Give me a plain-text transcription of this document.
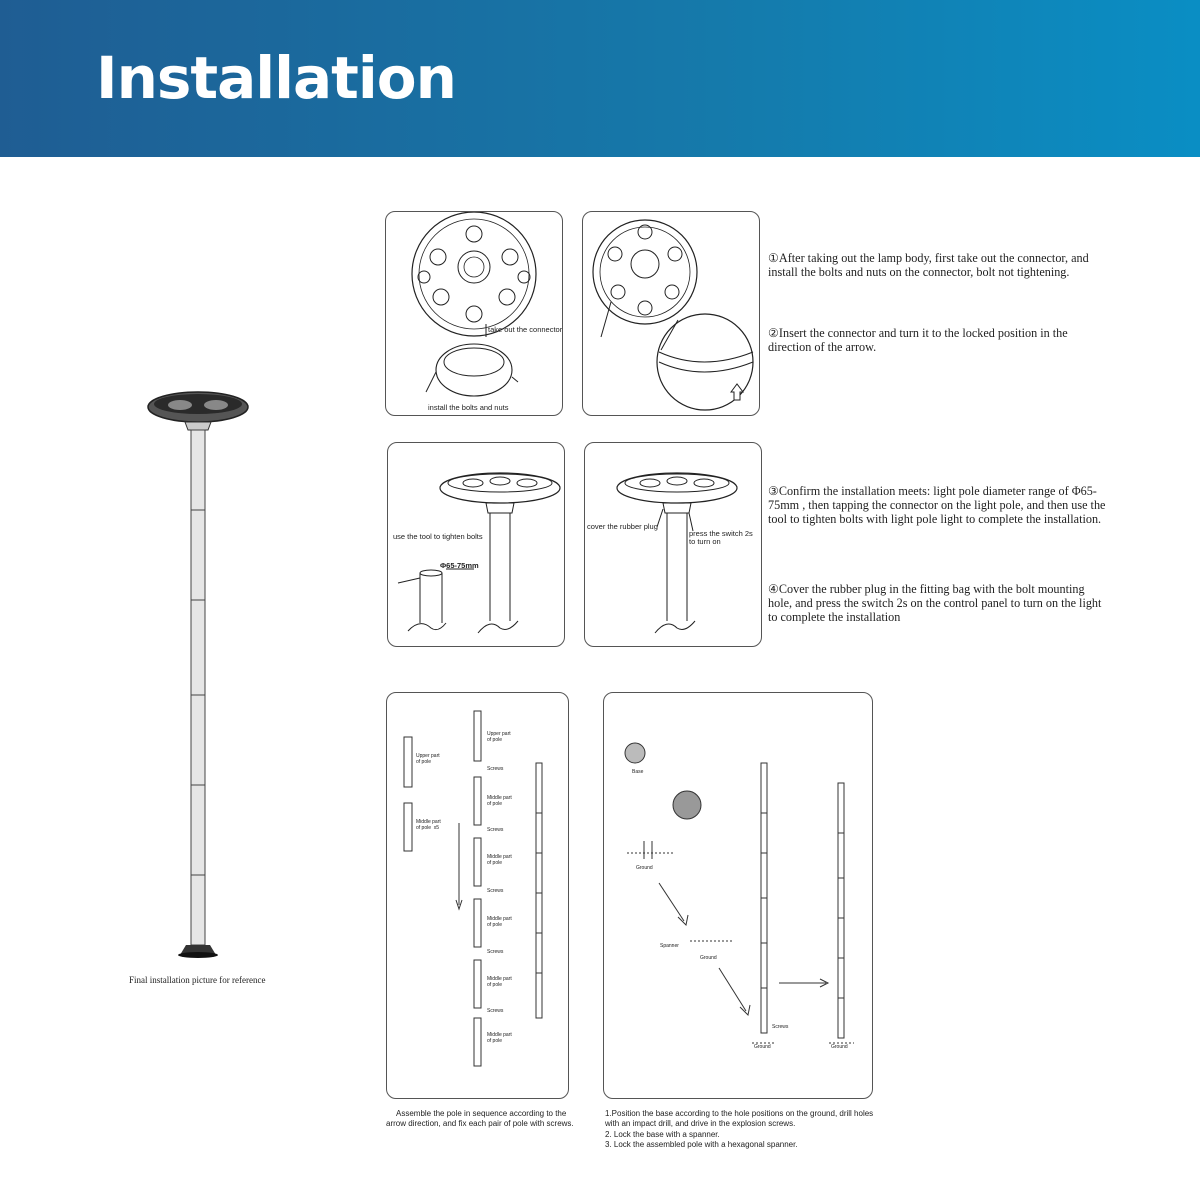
Installation
Final installation picture for reference
take out the connector
install the bolts and nuts
①After taking out the lamp body, first take out the connector, and install the bolts and nuts on the connector, bolt not tightening.
②Insert the connector and turn it to the locked position in the direction of the arrow.
use the tool to tighten bolts
Φ65-75mm
cover the rubber plug
press the switch 2s
to turn on
③Confirm the installation meets: light pole diameter range of Φ65-75mm , then tapping the connector on the light pole, and then use the tool to tighten bolts with light pole light to complete the installation.
④Cover the rubber plug in the fitting bag with the bolt mounting hole, and press the switch 2s on the control panel to turn on the light to complete the installation
Upper part
of pole
Middle part
of pole  x5
Upper part
of pole
Screws
Middle part
of pole
Screws
Middle part
of pole
Screws
Middle part
of pole
Screws
Middle part
of pole
Screws
Middle part
of pole
Assemble the pole in sequence according to the arrow direction, and fix each pair of pole with screws.
Base
Ground
Spanner
Ground
Screws
Ground	Ground
1.Position the base according to the hole positions on the ground, drill holes with an impact drill, and drive in the explosion screws.
2. Lock the base with a spanner.
3. Lock the assembled pole with a hexagonal spanner.
